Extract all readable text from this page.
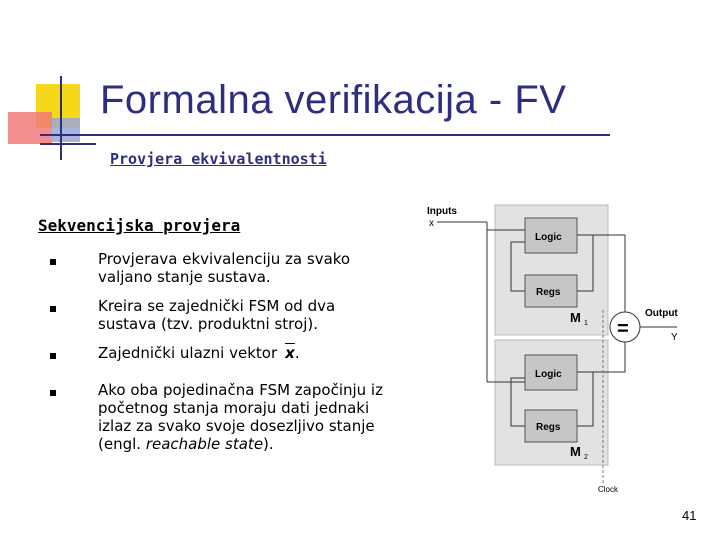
Formalna verifikacija - FV
Provjera ekvivalentnosti
Sekvencijska provjera
Provjerava ekvivalenciju za svako valjano stanje sustava.
Kreira se zajednički FSM od dva sustava (tzv. produktni stroj).
Zajednički ulazni vektor $\overline{x}$.
Ako oba pojedinačna FSM započinju iz početnog stanja moraju dati jednaki izlaz za svako svoje dosezljivo stanje (engl. reachable state).
Inputs
x
Logic
Regs
M 1
Logic
Regs
M 2
=
Output
Y
Clock
41
